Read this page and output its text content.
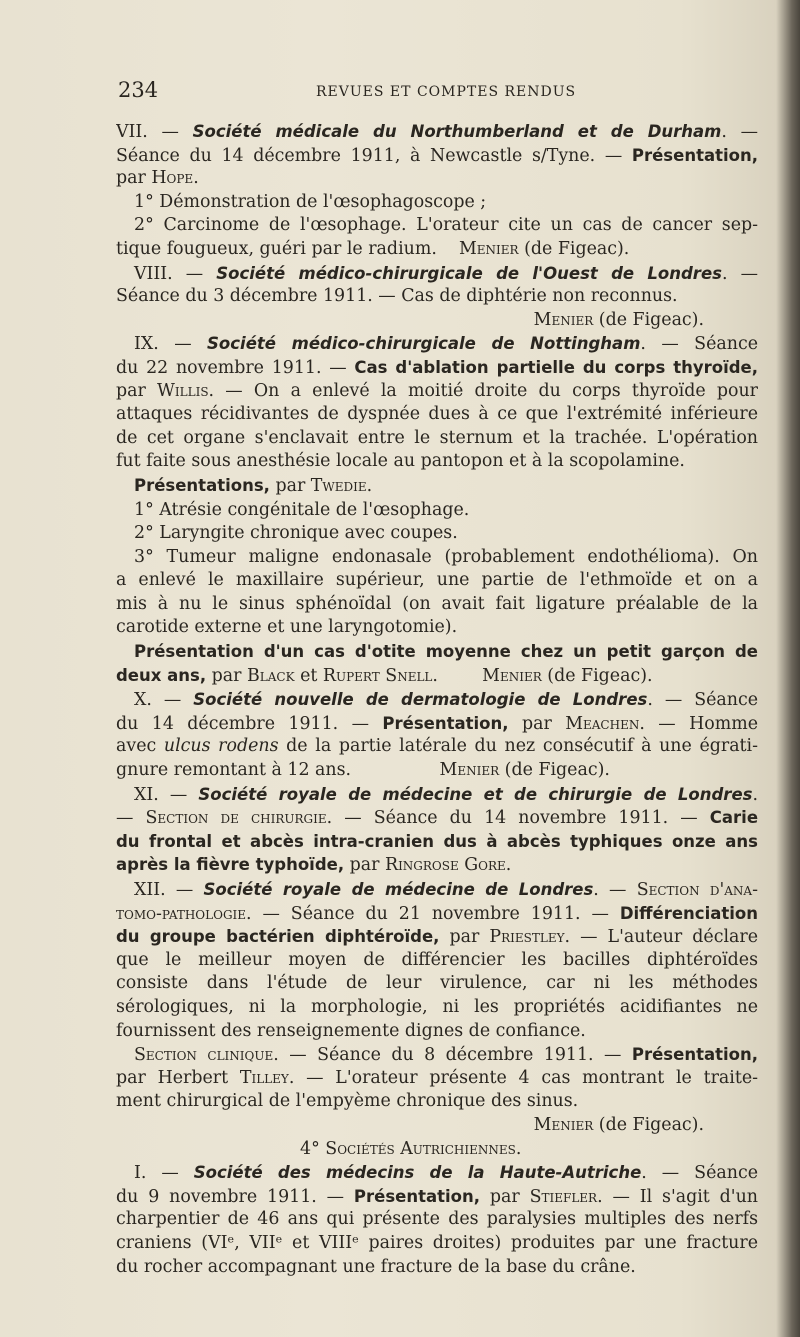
234	REVUES ET COMPTES RENDUS

VII. — Société médicale du Northumberland et de Durham. —

Séance du 14 décembre 1911, à Newcastle s/Tyne. — Présentation,

par Hope.

1° Démonstration de l'œsophagoscope ;

2° Carcinome de l'œsophage. L'orateur cite un cas de cancer sep-

tique fougueux, guéri par le radium.    Menier (de Figeac).

VIII. — Société médico-chirurgicale de l'Ouest de Londres. —

Séance du 3 décembre 1911. — Cas de diphtérie non reconnus.

Menier (de Figeac).

IX. — Société médico-chirurgicale de Nottingham. — Séance

du 22 novembre 1911. — Cas d'ablation partielle du corps thyroïde,

par Willis. — On a enlevé la moitié droite du corps thyroïde pour

attaques récidivantes de dyspnée dues à ce que l'extrémité inférieure

de cet organe s'enclavait entre le sternum et la trachée. L'opération

fut faite sous anesthésie locale au pantopon et à la scopolamine.

Présentations, par Twedie.

1° Atrésie congénitale de l'œsophage.

2° Laryngite chronique avec coupes.

3° Tumeur maligne endonasale (probablement endothélioma). On

a enlevé le maxillaire supérieur, une partie de l'ethmoïde et on a

mis à nu le sinus sphénoïdal (on avait fait ligature préalable de la

carotide externe et une laryngotomie).

Présentation d'un cas d'otite moyenne chez un petit garçon de

deux ans, par Black et Rupert Snell.        Menier (de Figeac).

X. — Société nouvelle de dermatologie de Londres. — Séance

du 14 décembre 1911. — Présentation, par Meachen. — Homme

avec ulcus rodens de la partie latérale du nez consécutif à une égrati-

gnure remontant à 12 ans.                Menier (de Figeac).

XI. — Société royale de médecine et de chirurgie de Londres.

— Section de chirurgie. — Séance du 14 novembre 1911. — Carie

du frontal et abcès intra-cranien dus à abcès typhiques onze ans

après la fièvre typhoïde, par Ringrose Gore.

XII. — Société royale de médecine de Londres. — Section d'ana-

tomo-pathologie. — Séance du 21 novembre 1911. — Différenciation

du groupe bactérien diphtéroïde, par Priestley. — L'auteur déclare

que le meilleur moyen de différencier les bacilles diphtéroïdes

consiste dans l'étude de leur virulence, car ni les méthodes

sérologiques, ni la morphologie, ni les propriétés acidifiantes ne

fournissent des renseignemente dignes de confiance.

Section clinique. — Séance du 8 décembre 1911. — Présentation,

par Herbert Tilley. — L'orateur présente 4 cas montrant le traite-

ment chirurgical de l'empyème chronique des sinus.

Menier (de Figeac).

4° Sociétés Autrichiennes.

I. — Société des médecins de la Haute-Autriche. — Séance

du 9 novembre 1911. — Présentation, par Stiefler. — Il s'agit d'un

charpentier de 46 ans qui présente des paralysies multiples des nerfs

craniens (VIᵉ, VIIᵉ et VIIIᵉ paires droites) produites par une fracture

du rocher accompagnant une fracture de la base du crâne.
